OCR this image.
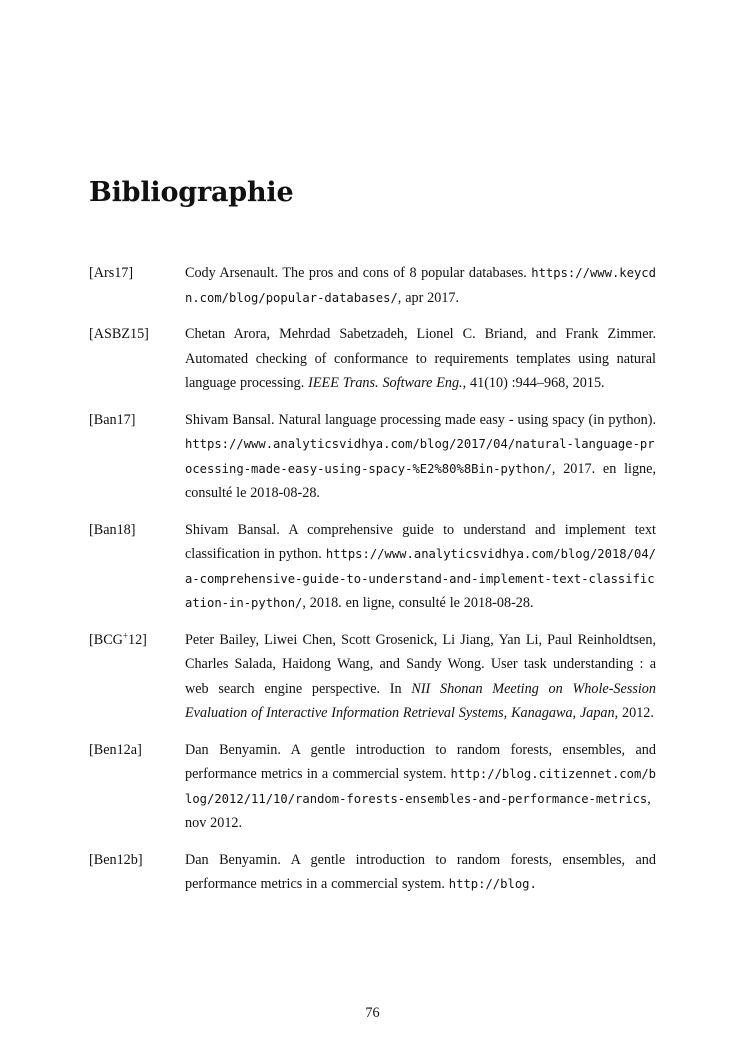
Bibliographie
[Ars17]	Cody Arsenault. The pros and cons of 8 popular databases. https://www.keycdn.com/blog/popular-databases/, apr 2017.
[ASBZ15]	Chetan Arora, Mehrdad Sabetzadeh, Lionel C. Briand, and Frank Zimmer. Automated checking of conformance to requirements templates using natural language processing. IEEE Trans. Software Eng., 41(10) :944–968, 2015.
[Ban17]	Shivam Bansal. Natural language processing made easy - using spacy (in python). https://www.analyticsvidhya.com/blog/2017/04/natural-language-processing-made-easy-using-spacy-%E2%80%8Bin-python/, 2017. en ligne, consulté le 2018-08-28.
[Ban18]	Shivam Bansal. A comprehensive guide to understand and implement text classification in python. https://www.analyticsvidhya.com/blog/2018/04/a-comprehensive-guide-to-understand-and-implement-text-classification-in-python/, 2018. en ligne, consulté le 2018-08-28.
[BCG+12]	Peter Bailey, Liwei Chen, Scott Grosenick, Li Jiang, Yan Li, Paul Reinholdtsen, Charles Salada, Haidong Wang, and Sandy Wong. User task understanding : a web search engine perspective. In NII Shonan Meeting on Whole-Session Evaluation of Interactive Information Retrieval Systems, Kanagawa, Japan, 2012.
[Ben12a]	Dan Benyamin. A gentle introduction to random forests, ensembles, and performance metrics in a commercial system. http://blog.citizennet.com/blog/2012/11/10/random-forests-ensembles-and-performance-metrics, nov 2012.
[Ben12b]	Dan Benyamin. A gentle introduction to random forests, ensembles, and performance metrics in a commercial system. http://blog.
76
